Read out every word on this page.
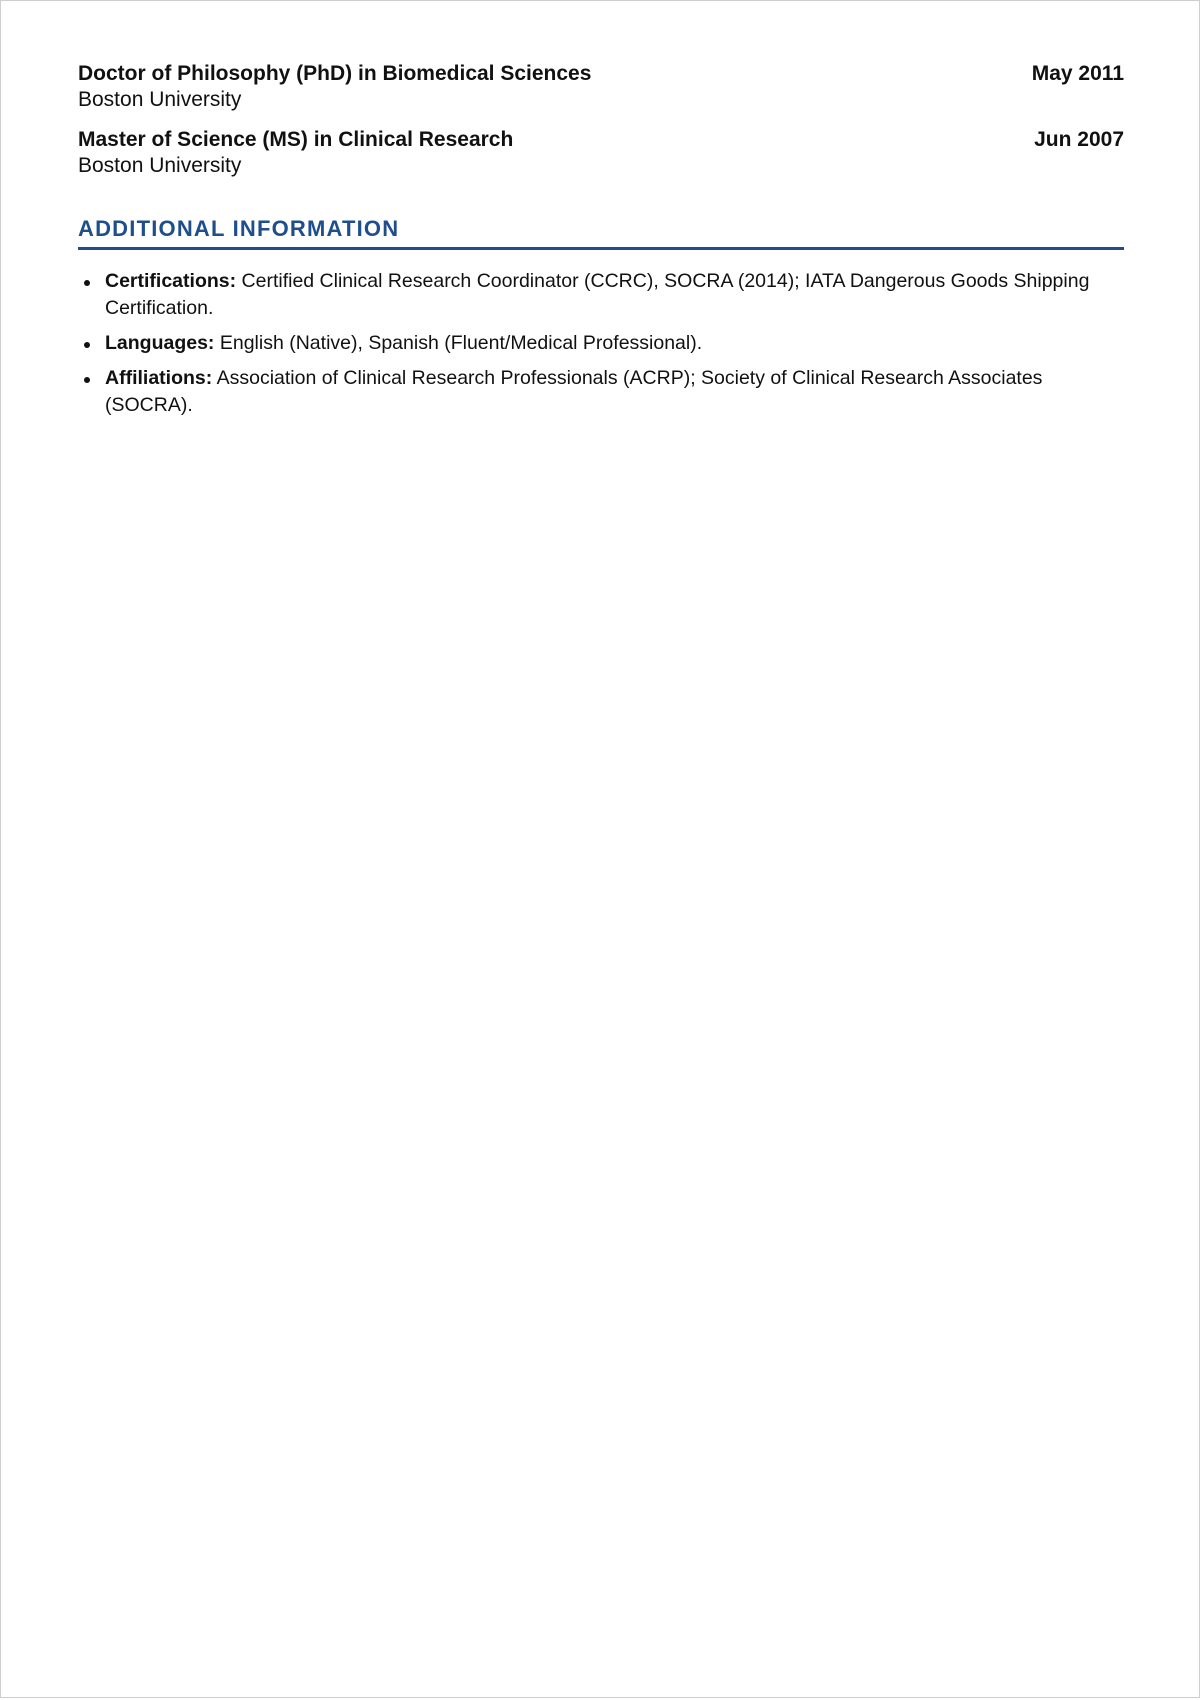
Doctor of Philosophy (PhD) in Biomedical Sciences	May 2011
Boston University
Master of Science (MS) in Clinical Research	Jun 2007
Boston University
ADDITIONAL INFORMATION
Certifications: Certified Clinical Research Coordinator (CCRC), SOCRA (2014); IATA Dangerous Goods Shipping Certification.
Languages: English (Native), Spanish (Fluent/Medical Professional).
Affiliations: Association of Clinical Research Professionals (ACRP); Society of Clinical Research Associates (SOCRA).
